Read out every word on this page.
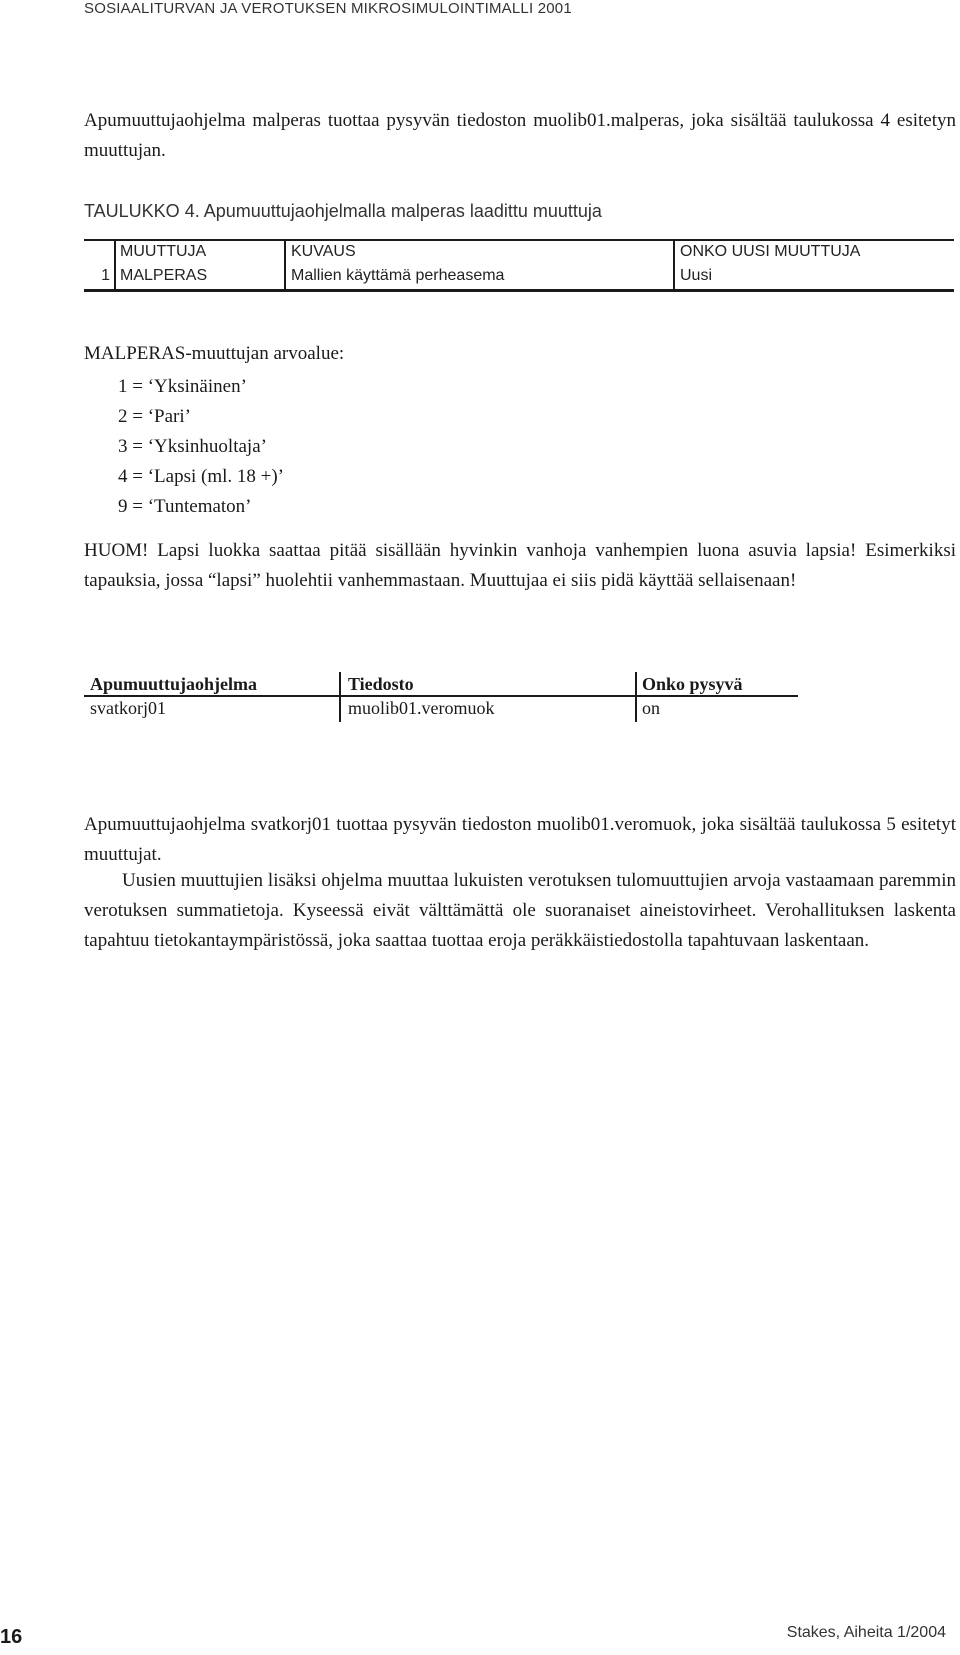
SOSIAALITURVAN JA VEROTUKSEN MIKROSIMULOINTIMALLI 2001

Apumuuttujaohjelma malperas tuottaa pysyvän tiedoston muolib01.malperas, joka sisältää taulukossa 4 esitetyn muuttujan.

TAULUKKO 4. Apumuuttujaohjelmalla malperas laadittu muuttuja
MUUTTUJA	KUVAUS	ONKO UUSI MUUTTUJA
1 MALPERAS	Mallien käyttämä perheasema	Uusi
MALPERAS-muuttujan arvoalue:
1 = ‘Yksinäinen’
2 = ‘Pari’
3 = ‘Yksinhuoltaja’
4 = ‘Lapsi (ml. 18 +)’
9 = ‘Tuntematon’

HUOM! Lapsi luokka saattaa pitää sisällään hyvinkin vanhoja vanhempien luona asuvia lapsia! Esimerkiksi tapauksia, jossa “lapsi” huolehtii vanhemmastaan. Muuttujaa ei siis pidä käyttää sellaisenaan!

Apumuuttujaohjelma	Tiedosto	Onko pysyvä
svatkorj01	muolib01.veromuok	on

Apumuuttujaohjelma svatkorj01 tuottaa pysyvän tiedoston muolib01.veromuok, joka sisältää taulukossa 5 esitetyt muuttujat.

Uusien muuttujien lisäksi ohjelma muuttaa lukuisten verotuksen tulomuuttujien arvoja vastaamaan paremmin verotuksen summatietoja. Kyseessä eivät välttämättä ole suoranaiset aineistovirheet. Verohallituksen laskenta tapahtuu tietokantaympäristössä, joka saattaa tuottaa eroja peräkkäistiedostolla tapahtuvaan laskentaan.

16	Stakes, Aiheita 1/2004
